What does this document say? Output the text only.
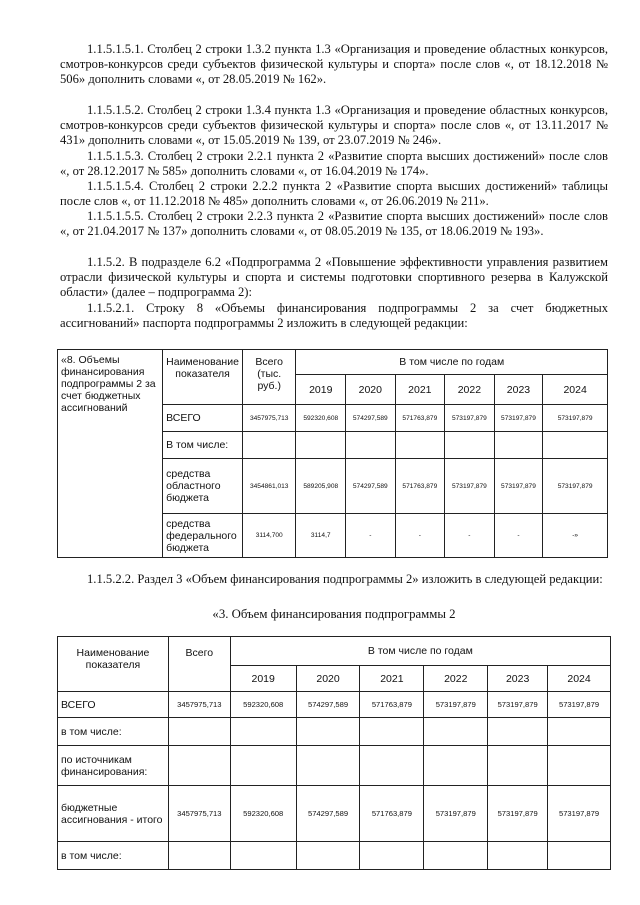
1.1.5.1.5.1. Столбец 2 строки 1.3.2 пункта 1.3 «Организация и проведение областных конкурсов, смотров-конкурсов среди субъектов физической культуры и спорта» после слов «, от 18.12.2018 № 506» дополнить словами «, от 28.05.2019 № 162».

1.1.5.1.5.2. Столбец 2 строки 1.3.4 пункта 1.3 «Организация и проведение областных конкурсов, смотров-конкурсов среди субъектов физической культуры и спорта» после слов «, от 13.11.2017 № 431» дополнить словами «, от 15.05.2019 № 139, от 23.07.2019 № 246».

1.1.5.1.5.3. Столбец 2 строки 2.2.1 пункта 2 «Развитие спорта высших достижений» после слов «, от 28.12.2017 № 585» дополнить словами «, от 16.04.2019 № 174».

1.1.5.1.5.4. Столбец 2 строки 2.2.2 пункта 2 «Развитие спорта высших достижений» таблицы после слов «, от 11.12.2018 № 485» дополнить словами «, от 26.06.2019 № 211».

1.1.5.1.5.5. Столбец 2 строки 2.2.3 пункта 2 «Развитие спорта высших достижений» после слов «, от 21.04.2017 № 137» дополнить словами «, от 08.05.2019 № 135, от 18.06.2019 № 193».

1.1.5.2. В подразделе 6.2 «Подпрограмма 2 «Повышение эффективности управления развитием отрасли физической культуры и спорта и системы подготовки спортивного резерва в Калужской области» (далее – подпрограмма 2):

1.1.5.2.1. Строку 8 «Объемы финансирования подпрограммы 2 за счет бюджетных ассигнований» паспорта подпрограммы 2 изложить в следующей редакции:

«8. Объемы финансирования подпрограммы 2 за счет бюджетных ассигнований	Наименование показателя	Всего (тыс. руб.)	В том числе по годам					
			2019	2020	2021	2022	2023	2024
	ВСЕГО	3457975,713	592320,608	574297,589	571763,879	573197,879	573197,879	573197,879
	В том числе:							
	средства областного бюджета	3454861,013	589205,908	574297,589	571763,879	573197,879	573197,879	573197,879
	средства федерального бюджета	3114,700	3114,7	-	-	-	-	-»

1.1.5.2.2. Раздел 3 «Объем финансирования подпрограммы 2» изложить в следующей редакции:

«3. Объем финансирования подпрограммы 2

Наименование показателя	Всего	В том числе по годам					
		2019	2020	2021	2022	2023	2024
ВСЕГО	3457975,713	592320,608	574297,589	571763,879	573197,879	573197,879	573197,879
в том числе:							
по источникам финансирования:							
бюджетные ассигнования - итого	3457975,713	592320,608	574297,589	571763,879	573197,879	573197,879	573197,879
в том числе:							
